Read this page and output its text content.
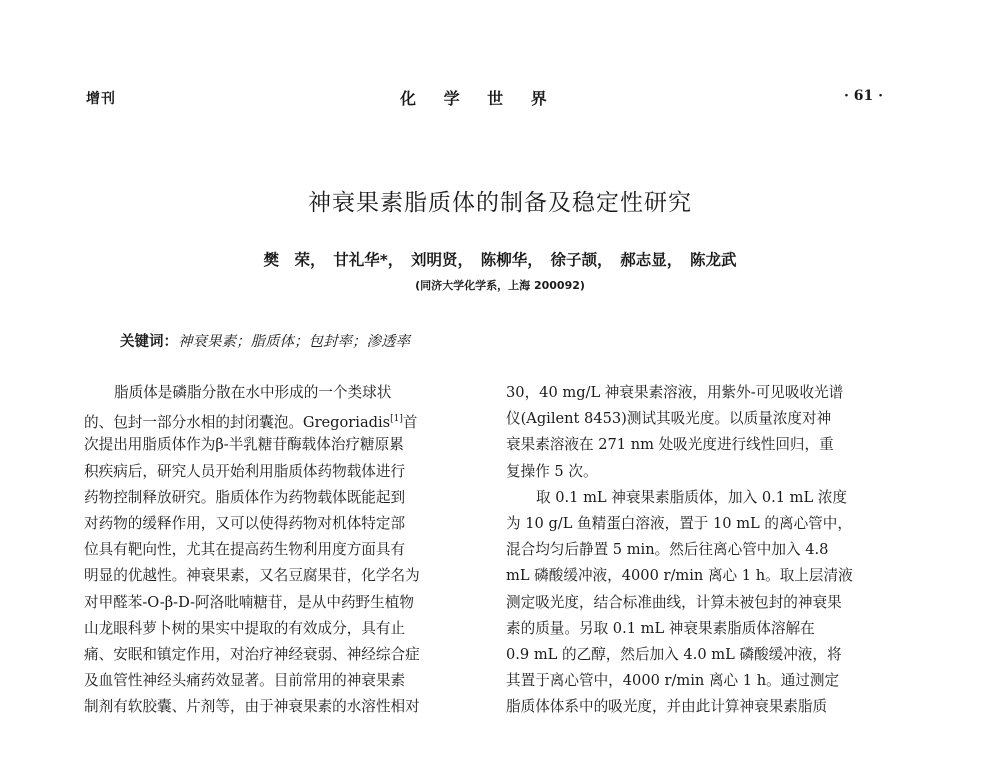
增刊	化 学 世 界	· 61 ·
神衰果素脂质体的制备及稳定性研究
樊　荣，　甘礼华*，　刘明贤，　陈柳华，　徐子颉，　郝志显，　陈龙武
(同济大学化学系，上海 200092)
关键词：神衰果素；脂质体；包封率；渗透率
脂质体是磷脂分散在水中形成的一个类球状
的、包封一部分水相的封闭囊泡。Gregoriadis[1]首
次提出用脂质体作为β-半乳糖苷酶载体治疗糖原累
积疾病后，研究人员开始利用脂质体药物载体进行
药物控制释放研究。脂质体作为药物载体既能起到
对药物的缓释作用，又可以使得药物对机体特定部
位具有靶向性，尤其在提高药生物利用度方面具有
明显的优越性。神衰果素，又名豆腐果苷，化学名为
对甲醛苯-O-β-D-阿洛吡喃糖苷，是从中药野生植物
山龙眼科萝卜树的果实中提取的有效成分，具有止
痛、安眠和镇定作用，对治疗神经衰弱、神经综合症
及血管性神经头痛药效显著。目前常用的神衰果素
制剂有软胶囊、片剂等，由于神衰果素的水溶性相对
30，40 mg/L 神衰果素溶液，用紫外-可见吸收光谱
仪(Agilent 8453)测试其吸光度。以质量浓度对神
衰果素溶液在 271 nm 处吸光度进行线性回归，重
复操作 5 次。
取 0.1 mL 神衰果素脂质体，加入 0.1 mL 浓度
为 10 g/L 鱼精蛋白溶液，置于 10 mL 的离心管中，
混合均匀后静置 5 min。然后往离心管中加入 4.8
mL 磷酸缓冲液，4000 r/min 离心 1 h。取上层清液
测定吸光度，结合标准曲线，计算未被包封的神衰果
素的质量。另取 0.1 mL 神衰果素脂质体溶解在
0.9 mL 的乙醇，然后加入 4.0 mL 磷酸缓冲液，将
其置于离心管中，4000 r/min 离心 1 h。通过测定
脂质体体系中的吸光度，并由此计算神衰果素脂质
